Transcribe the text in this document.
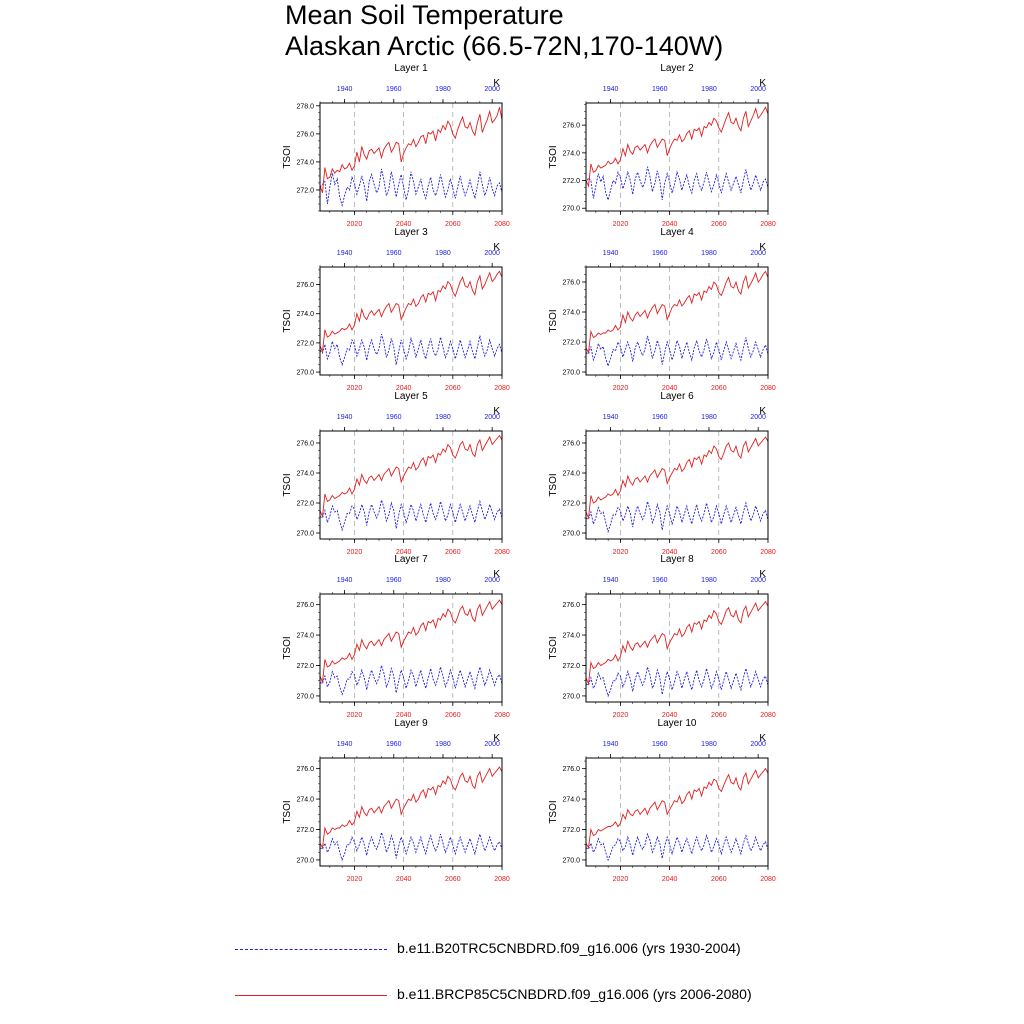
Mean Soil Temperature
Alaskan Arctic (66.5-72N,170-140W)
272.0
274.0
276.0
278.0
TSOI
1940	1960	1980	2000
2020	2040	2060	2080
Layer 1
K
270.0
272.0
274.0
276.0
TSOI
1940	1960	1980	2000
2020	2040	2060	2080
Layer 2
K
270.0
272.0
274.0
276.0
TSOI
1940	1960	1980	2000
2020	2040	2060	2080
Layer 3
K
270.0
272.0
274.0
276.0
TSOI
1940	1960	1980	2000
2020	2040	2060	2080
Layer 4
K
270.0
272.0
274.0
276.0
TSOI
1940	1960	1980	2000
2020	2040	2060	2080
Layer 5
K
270.0
272.0
274.0
276.0
TSOI
1940	1960	1980	2000
2020	2040	2060	2080
Layer 6
K
270.0
272.0
274.0
276.0
TSOI
1940	1960	1980	2000
2020	2040	2060	2080
Layer 7
K
270.0
272.0
274.0
276.0
TSOI
1940	1960	1980	2000
2020	2040	2060	2080
Layer 8
K
270.0
272.0
274.0
276.0
TSOI
1940	1960	1980	2000
2020	2040	2060	2080
Layer 9
K
270.0
272.0
274.0
276.0
TSOI
1940	1960	1980	2000
2020	2040	2060	2080
Layer 10
K
b.e11.B20TRC5CNBDRD.f09_g16.006 (yrs 1930-2004)
b.e11.BRCP85C5CNBDRD.f09_g16.006 (yrs 2006-2080)
